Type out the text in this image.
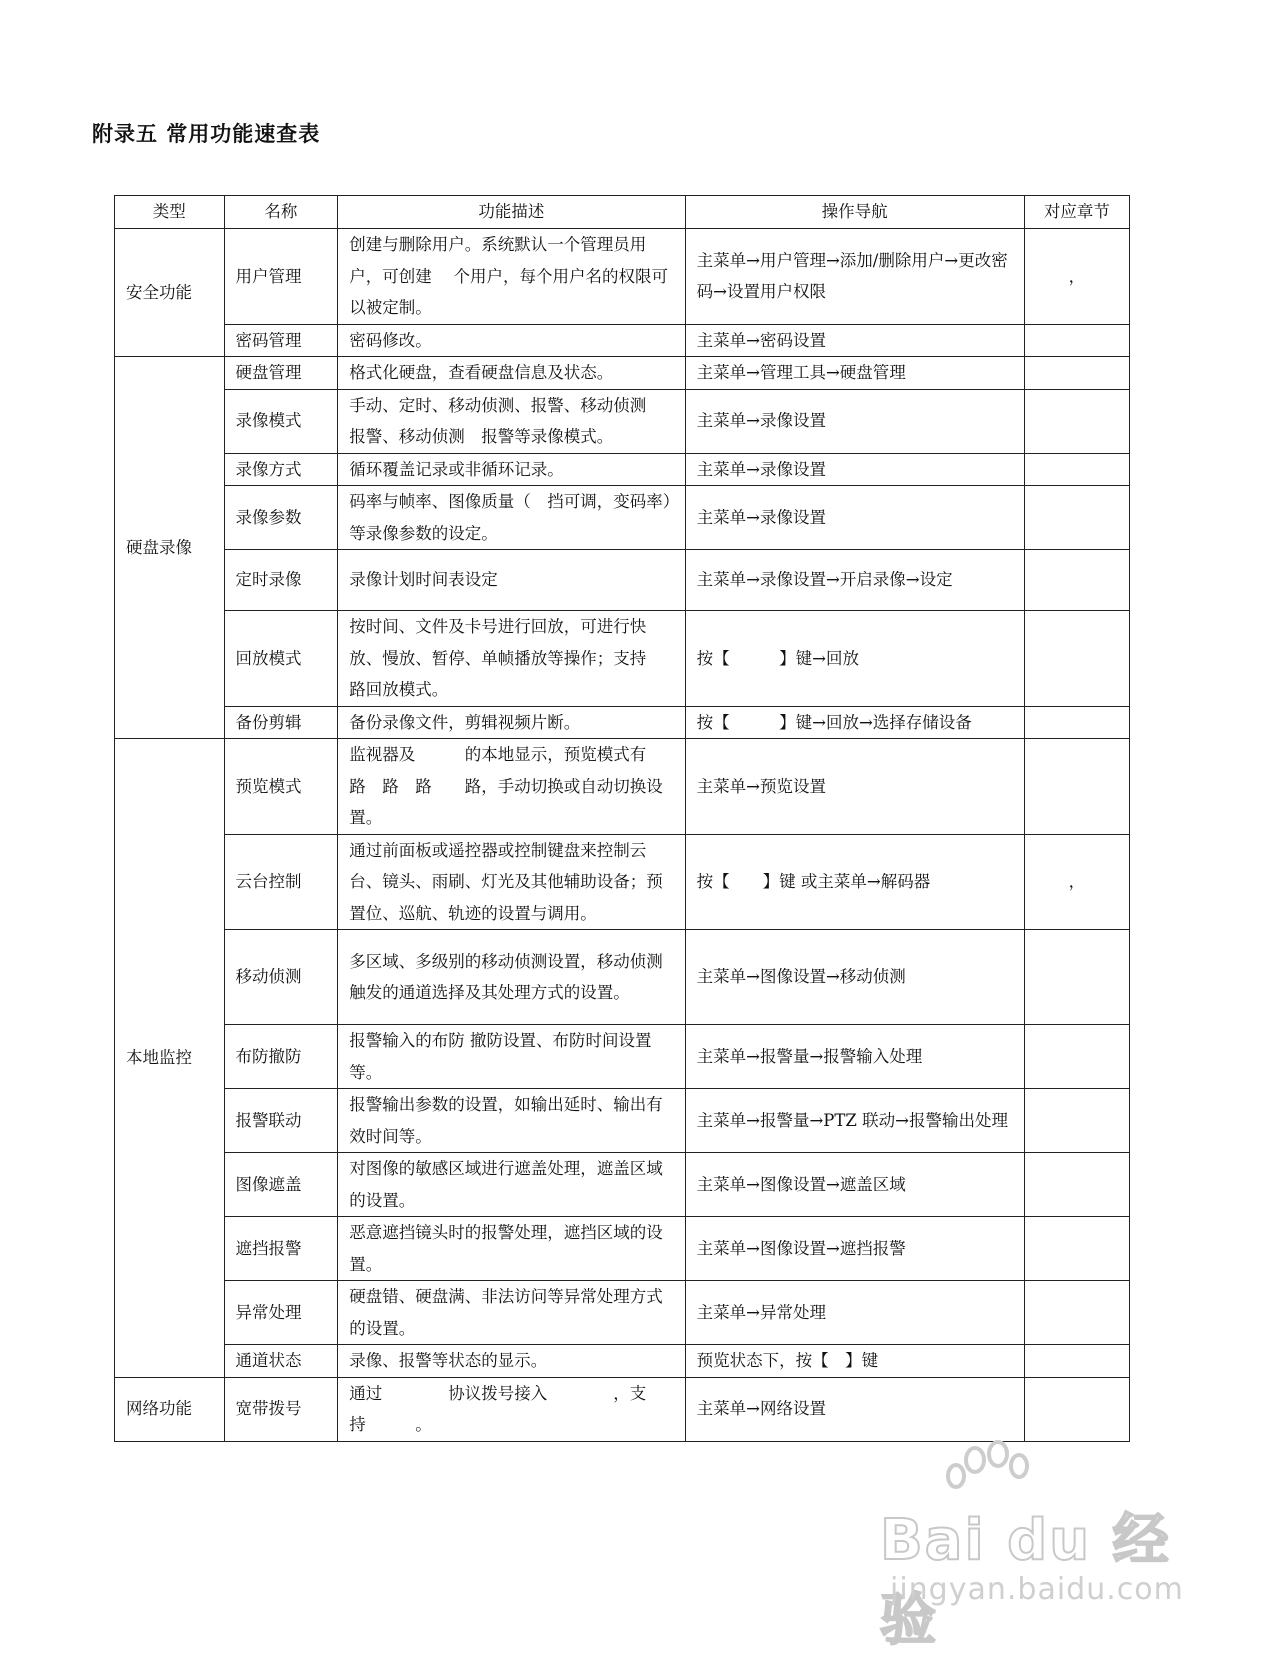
附录五 常用功能速查表
类型	名称	功能描述	操作导航	对应章节
安全功能	用户管理	创建与删除用户。系统默认一个管理员用户，可创建　 个用户，每个用户名的权限可以被定制。	主菜单→用户管理→添加/删除用户→更改密码→设置用户权限	，
	密码管理	密码修改。	主菜单→密码设置	
硬盘录像	硬盘管理	格式化硬盘，查看硬盘信息及状态。	主菜单→管理工具→硬盘管理	
	录像模式	手动、定时、移动侦测、报警、移动侦测　报警、移动侦测　报警等录像模式。	主菜单→录像设置	
	录像方式	循环覆盖记录或非循环记录。	主菜单→录像设置	
	录像参数	码率与帧率、图像质量（　挡可调，变码率）等录像参数的设定。	主菜单→录像设置	
	定时录像	录像计划时间表设定	主菜单→录像设置→开启录像→设定	
	回放模式	按时间、文件及卡号进行回放，可进行快放、慢放、暂停、单帧播放等操作；支持　路回放模式。	按【　　　】键→回放	
	备份剪辑	备份录像文件，剪辑视频片断。	按【　　　】键→回放→选择存储设备	
本地监控	预览模式	监视器及　　　的本地显示，预览模式有　路　路　路　　路，手动切换或自动切换设置。	主菜单→预览设置	
	云台控制	通过前面板或遥控器或控制键盘来控制云台、镜头、雨刷、灯光及其他辅助设备；预置位、巡航、轨迹的设置与调用。	按【　　】键 或主菜单→解码器	，
	移动侦测	多区域、多级别的移动侦测设置，移动侦测触发的通道选择及其处理方式的设置。	主菜单→图像设置→移动侦测	
	布防撤防	报警输入的布防 撤防设置、布防时间设置等。	主菜单→报警量→报警输入处理	
	报警联动	报警输出参数的设置，如输出延时、输出有效时间等。	主菜单→报警量→PTZ 联动→报警输出处理	
	图像遮盖	对图像的敏感区域进行遮盖处理，遮盖区域的设置。	主菜单→图像设置→遮盖区域	
	遮挡报警	恶意遮挡镜头时的报警处理，遮挡区域的设置。	主菜单→图像设置→遮挡报警	
	异常处理	硬盘错、硬盘满、非法访问等异常处理方式的设置。	主菜单→异常处理	
	通道状态	录像、报警等状态的显示。	预览状态下，按【　】键	
网络功能	宽带拨号	通过　　　　协议拨号接入　　　　，支持　　　。	主菜单→网络设置	
Bai du 经验
jingyan.baidu.com
